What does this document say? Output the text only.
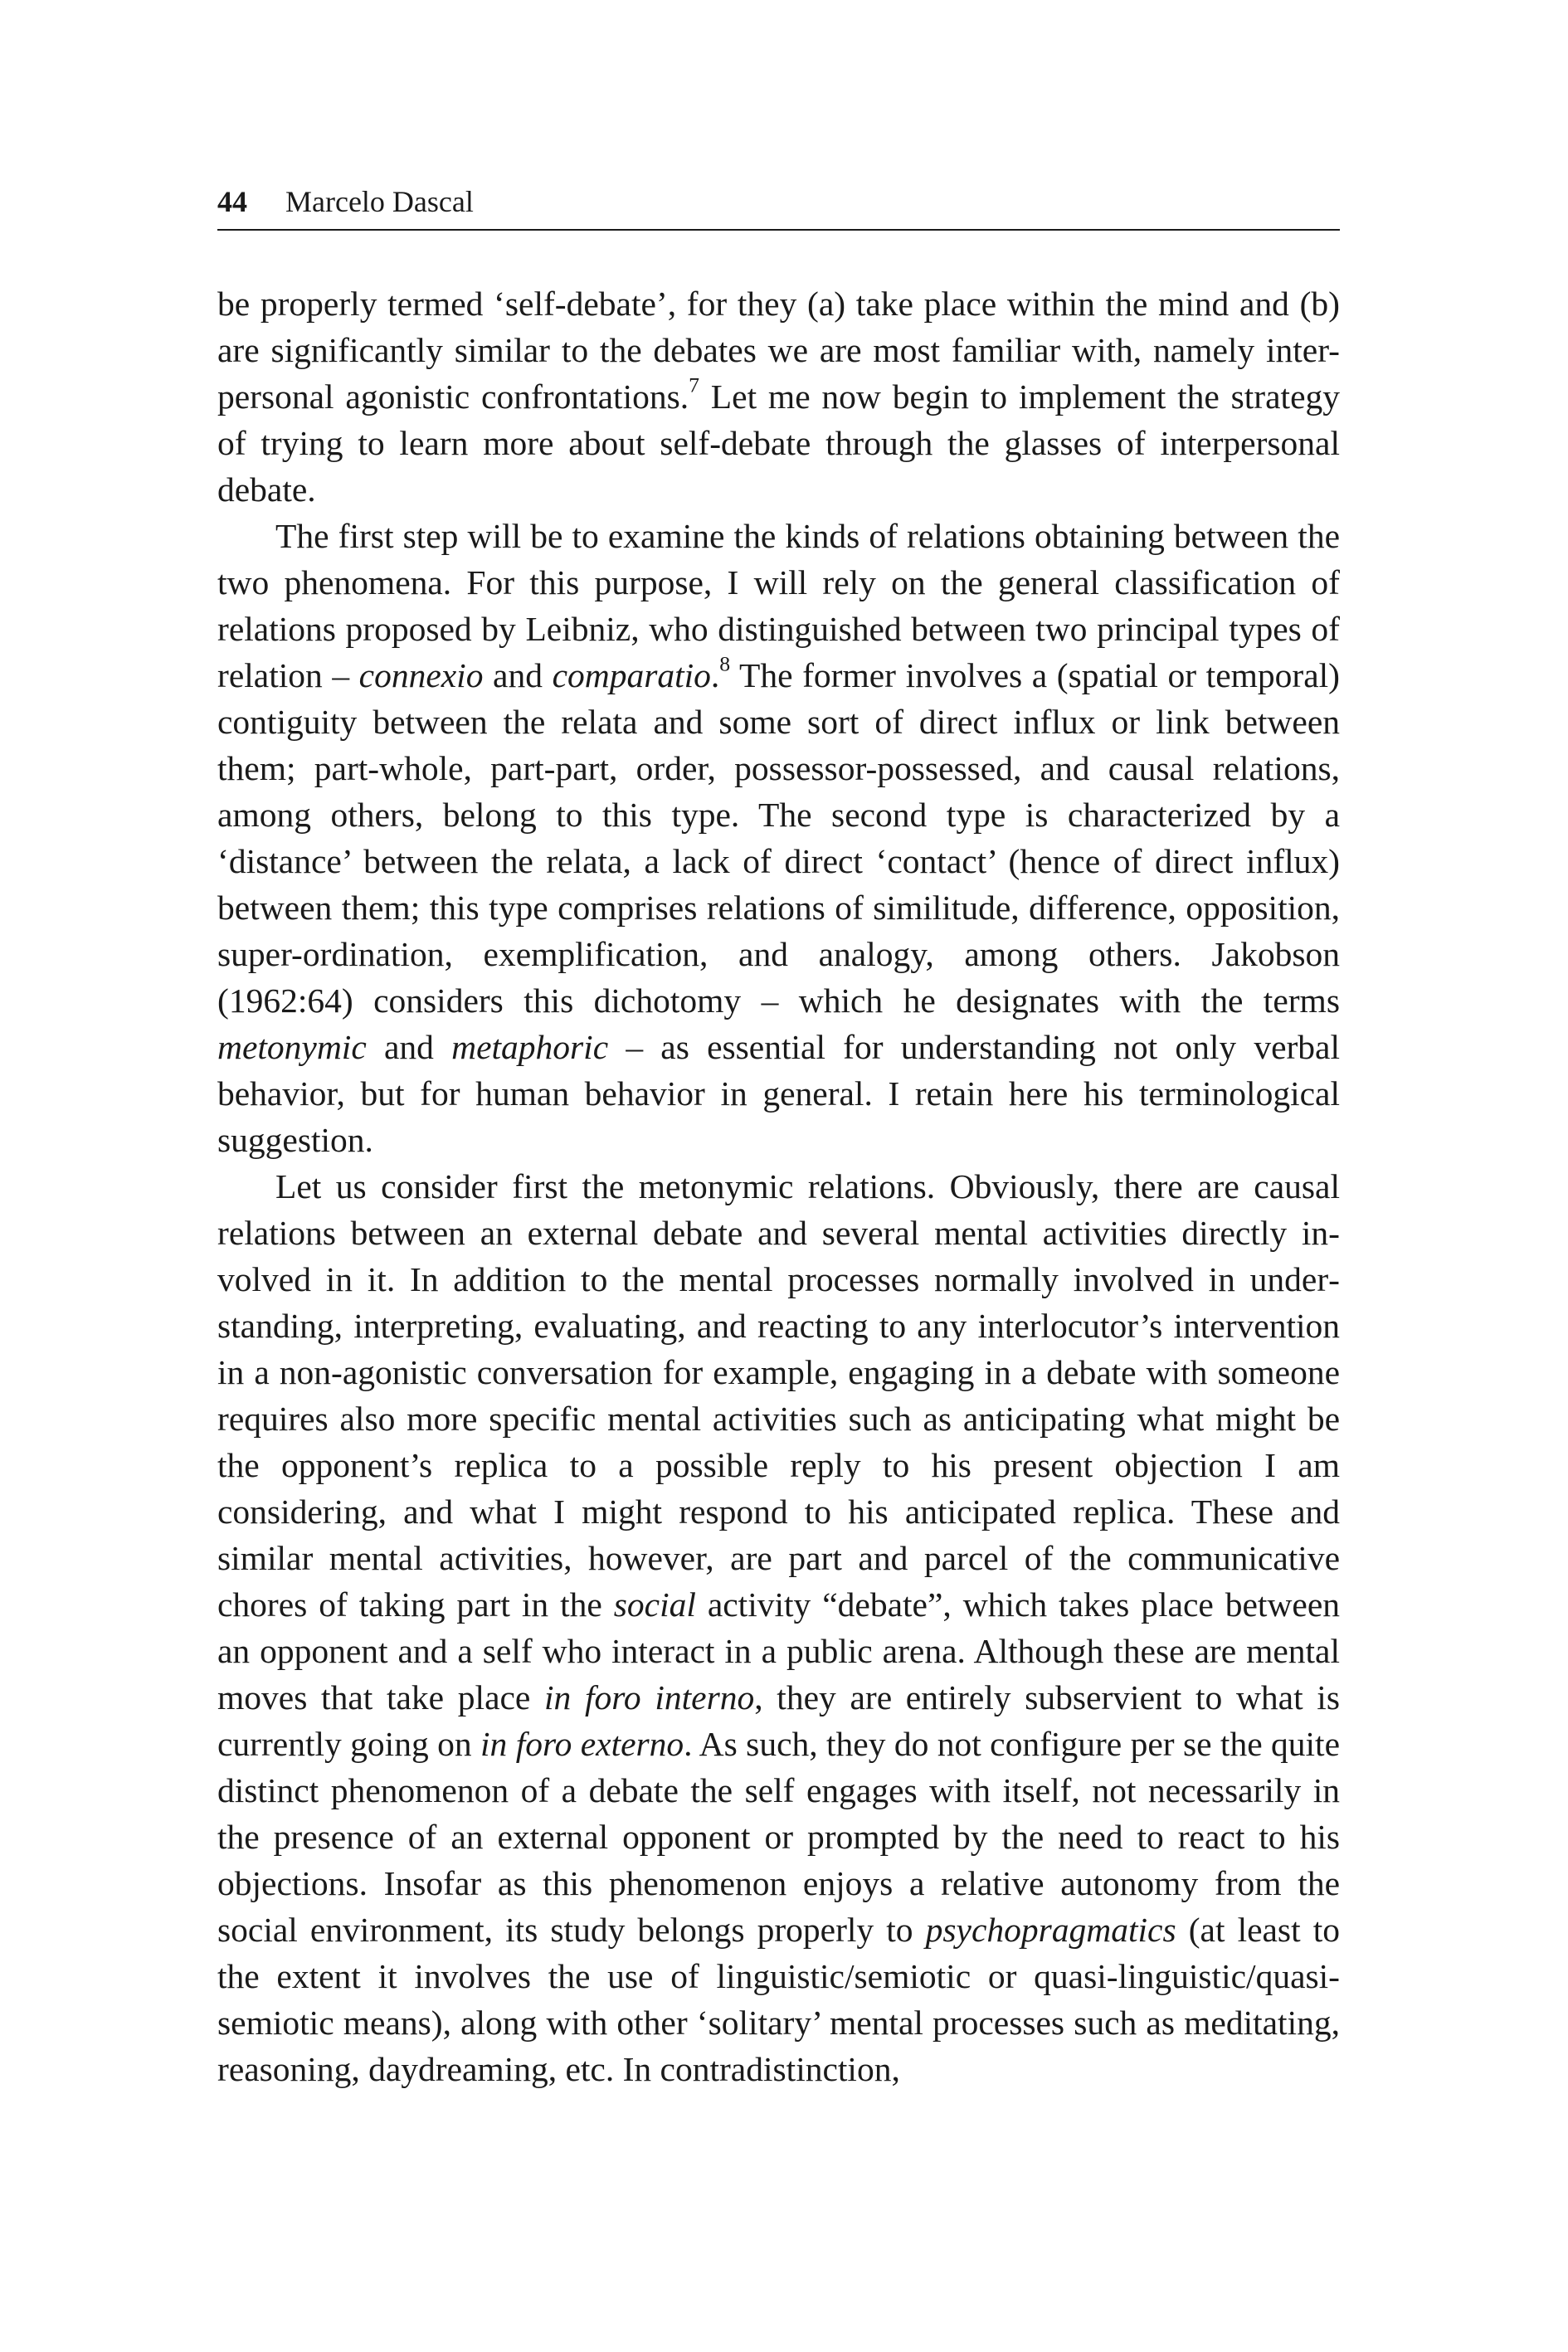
44 Marcelo Dascal

be properly termed ‘self-debate’, for they (a) take place within the mind and (b) are significantly similar to the debates we are most familiar with, namely inter-personal agonistic confrontations.$^7$ Let me now begin to implement the strategy of trying to learn more about self-debate through the glasses of interpersonal debate.

The first step will be to examine the kinds of relations obtaining between the two phenomena. For this purpose, I will rely on the general classification of relations proposed by Leibniz, who distinguished between two principal types of relation – connexio and comparatio.$^8$ The former involves a (spatial or temporal) contiguity between the relata and some sort of direct influx or link between them; part-whole, part-part, order, possessor-possessed, and causal relations, among others, belong to this type. The second type is characterized by a ‘distance’ between the relata, a lack of direct ‘contact’ (hence of direct influx) between them; this type comprises relations of similitude, difference, opposition, super-ordination, exemplification, and analogy, among others. Jakobson (1962:64) considers this dichotomy – which he designates with the terms metonymic and metaphoric – as essential for understanding not only verbal behavior, but for human behavior in general. I retain here his terminological suggestion.

Let us consider first the metonymic relations. Obviously, there are causal relations between an external debate and several mental activities directly involved in it. In addition to the mental processes normally involved in understanding, interpreting, evaluating, and reacting to any interlocutor’s intervention in a non-agonistic conversation for example, engaging in a debate with someone requires also more specific mental activities such as anticipating what might be the opponent’s replica to a possible reply to his present objection I am considering, and what I might respond to his anticipated replica. These and similar mental activities, however, are part and parcel of the communicative chores of taking part in the social activity “debate”, which takes place between an opponent and a self who interact in a public arena. Although these are mental moves that take place in foro interno, they are entirely subservient to what is currently going on in foro externo. As such, they do not configure per se the quite distinct phenomenon of a debate the self engages with itself, not necessarily in the presence of an external opponent or prompted by the need to react to his objections. Insofar as this phenomenon enjoys a relative autonomy from the social environment, its study belongs properly to psychopragmatics (at least to the extent it involves the use of linguistic/semiotic or quasi-linguistic/quasi-semiotic means), along with other ‘solitary’ mental processes such as meditating, reasoning, daydreaming, etc. In contradistinction,
